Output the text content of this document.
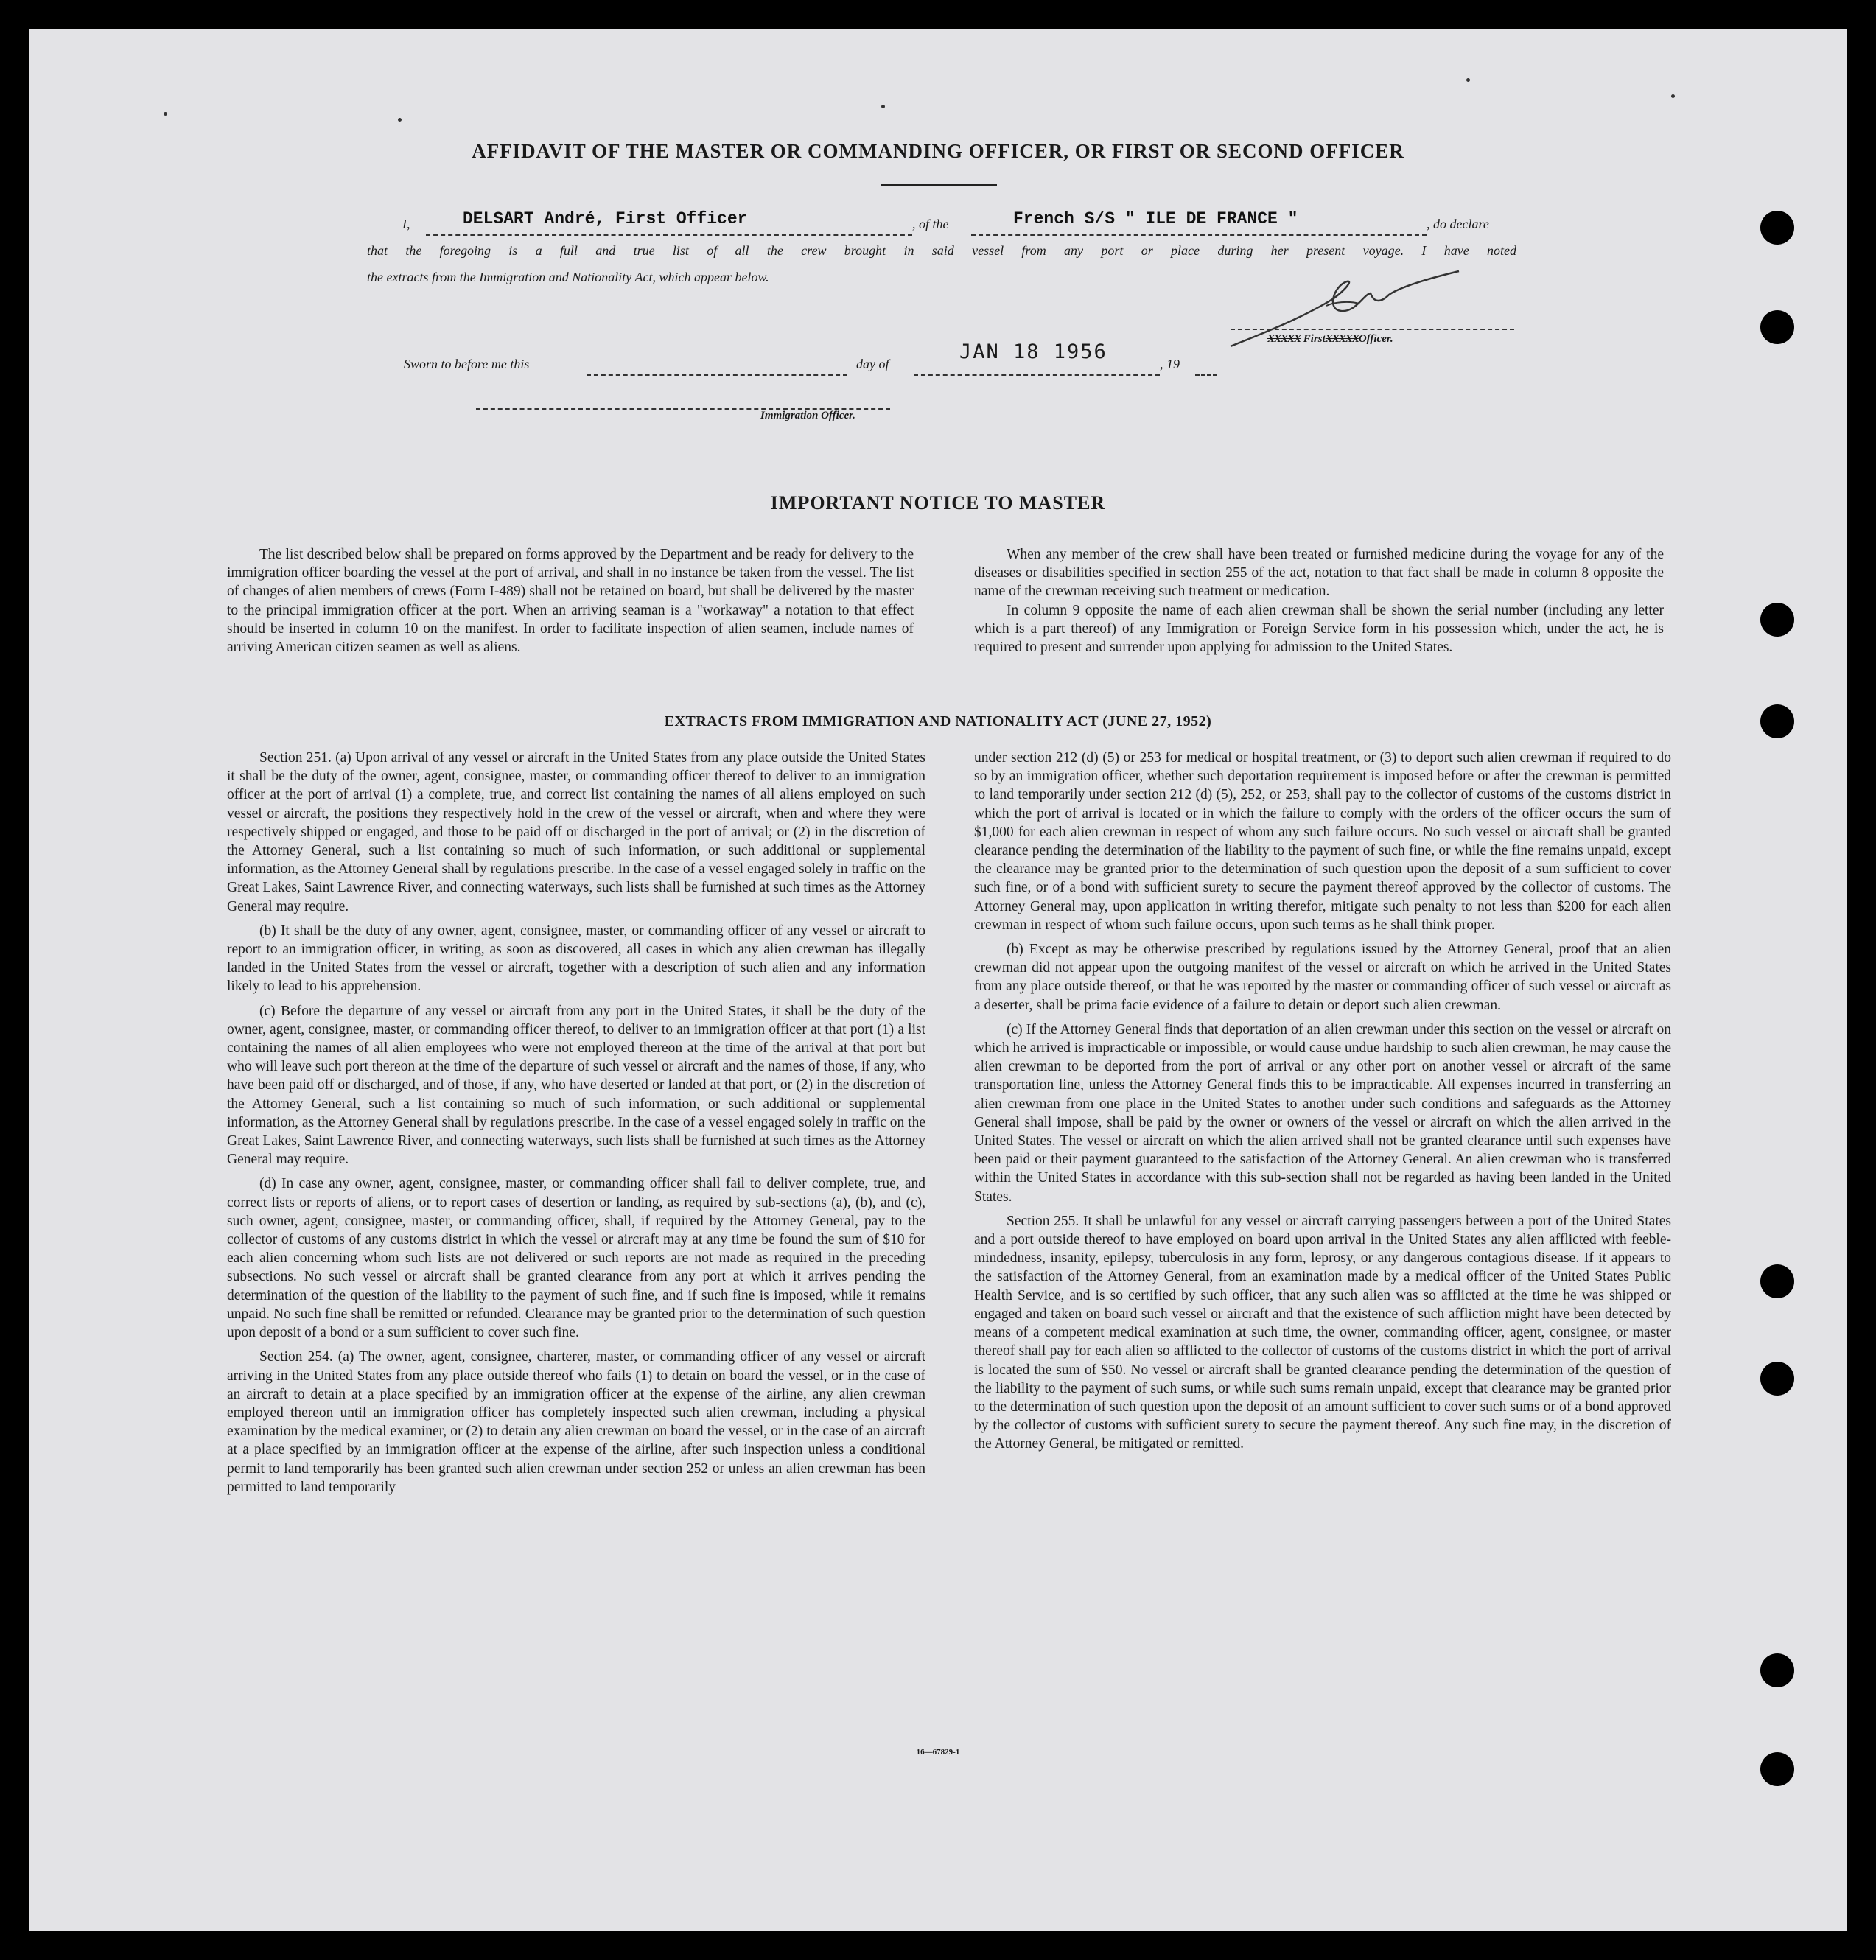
AFFIDAVIT OF THE MASTER OR COMMANDING OFFICER, OR FIRST OR SECOND OFFICER
I,	DELSART André, First Officer	, of the	French S/S " ILE DE FRANCE "	, do declare
that the foregoing is a full and true list of all the crew brought in said vessel from any port or place during her present voyage. I have noted
the extracts from the Immigration and Nationality Act, which appear below.
XXXXX FirstXXXXXOfficer.
Sworn to before me this	day of
JAN 18 1956
, 19
Immigration Officer.
IMPORTANT NOTICE TO MASTER

The list described below shall be prepared on forms approved by the Department and be ready for delivery to the immigration officer boarding the vessel at the port of arrival, and shall in no instance be taken from the vessel. The list of changes of alien members of crews (Form I-489) shall not be retained on board, but shall be delivered by the master to the principal immigration officer at the port. When an arriving seaman is a "workaway" a notation to that effect should be inserted in column 10 on the manifest. In order to facilitate inspection of alien seamen, include names of arriving American citizen seamen as well as aliens.

When any member of the crew shall have been treated or furnished medicine during the voyage for any of the diseases or disabilities specified in section 255 of the act, notation to that fact shall be made in column 8 opposite the name of the crewman receiving such treatment or medication.

In column 9 opposite the name of each alien crewman shall be shown the serial number (including any letter which is a part thereof) of any Immigration or Foreign Service form in his possession which, under the act, he is required to present and surrender upon applying for admission to the United States.

EXTRACTS FROM IMMIGRATION AND NATIONALITY ACT (JUNE 27, 1952)

Section 251. (a) Upon arrival of any vessel or aircraft in the United States from any place outside the United States it shall be the duty of the owner, agent, consignee, master, or commanding officer thereof to deliver to an immigration officer at the port of arrival (1) a complete, true, and correct list containing the names of all aliens employed on such vessel or aircraft, the positions they respectively hold in the crew of the vessel or aircraft, when and where they were respectively shipped or engaged, and those to be paid off or discharged in the port of arrival; or (2) in the discretion of the Attorney General, such a list containing so much of such information, or such additional or supplemental information, as the Attorney General shall by regulations prescribe. In the case of a vessel engaged solely in traffic on the Great Lakes, Saint Lawrence River, and connecting waterways, such lists shall be furnished at such times as the Attorney General may require.

(b) It shall be the duty of any owner, agent, consignee, master, or commanding officer of any vessel or aircraft to report to an immigration officer, in writing, as soon as discovered, all cases in which any alien crewman has illegally landed in the United States from the vessel or aircraft, together with a description of such alien and any information likely to lead to his apprehension.

(c) Before the departure of any vessel or aircraft from any port in the United States, it shall be the duty of the owner, agent, consignee, master, or commanding officer thereof, to deliver to an immigration officer at that port (1) a list containing the names of all alien employees who were not employed thereon at the time of the arrival at that port but who will leave such port thereon at the time of the departure of such vessel or aircraft and the names of those, if any, who have been paid off or discharged, and of those, if any, who have deserted or landed at that port, or (2) in the discretion of the Attorney General, such a list containing so much of such information, or such additional or supplemental information, as the Attorney General shall by regulations prescribe. In the case of a vessel engaged solely in traffic on the Great Lakes, Saint Lawrence River, and connecting waterways, such lists shall be furnished at such times as the Attorney General may require.

(d) In case any owner, agent, consignee, master, or commanding officer shall fail to deliver complete, true, and correct lists or reports of aliens, or to report cases of desertion or landing, as required by sub-sections (a), (b), and (c), such owner, agent, consignee, master, or commanding officer, shall, if required by the Attorney General, pay to the collector of customs of any customs district in which the vessel or aircraft may at any time be found the sum of $10 for each alien concerning whom such lists are not delivered or such reports are not made as required in the preceding subsections. No such vessel or aircraft shall be granted clearance from any port at which it arrives pending the determination of the question of the liability to the payment of such fine, and if such fine is imposed, while it remains unpaid. No such fine shall be remitted or refunded. Clearance may be granted prior to the determination of such question upon deposit of a bond or a sum sufficient to cover such fine.

Section 254. (a) The owner, agent, consignee, charterer, master, or commanding officer of any vessel or aircraft arriving in the United States from any place outside thereof who fails (1) to detain on board the vessel, or in the case of an aircraft to detain at a place specified by an immigration officer at the expense of the airline, any alien crewman employed thereon until an immigration officer has completely inspected such alien crewman, including a physical examination by the medical examiner, or (2) to detain any alien crewman on board the vessel, or in the case of an aircraft at a place specified by an immigration officer at the expense of the airline, after such inspection unless a conditional permit to land temporarily has been granted such alien crewman under section 252 or unless an alien crewman has been permitted to land temporarily

under section 212 (d) (5) or 253 for medical or hospital treatment, or (3) to deport such alien crewman if required to do so by an immigration officer, whether such deportation requirement is imposed before or after the crewman is permitted to land temporarily under section 212 (d) (5), 252, or 253, shall pay to the collector of customs of the customs district in which the port of arrival is located or in which the failure to comply with the orders of the officer occurs the sum of $1,000 for each alien crewman in respect of whom any such failure occurs. No such vessel or aircraft shall be granted clearance pending the determination of the liability to the payment of such fine, or while the fine remains unpaid, except the clearance may be granted prior to the determination of such question upon the deposit of a sum sufficient to cover such fine, or of a bond with sufficient surety to secure the payment thereof approved by the collector of customs. The Attorney General may, upon application in writing therefor, mitigate such penalty to not less than $200 for each alien crewman in respect of whom such failure occurs, upon such terms as he shall think proper.

(b) Except as may be otherwise prescribed by regulations issued by the Attorney General, proof that an alien crewman did not appear upon the outgoing manifest of the vessel or aircraft on which he arrived in the United States from any place outside thereof, or that he was reported by the master or commanding officer of such vessel or aircraft as a deserter, shall be prima facie evidence of a failure to detain or deport such alien crewman.

(c) If the Attorney General finds that deportation of an alien crewman under this section on the vessel or aircraft on which he arrived is impracticable or impossible, or would cause undue hardship to such alien crewman, he may cause the alien crewman to be deported from the port of arrival or any other port on another vessel or aircraft of the same transportation line, unless the Attorney General finds this to be impracticable. All expenses incurred in transferring an alien crewman from one place in the United States to another under such conditions and safeguards as the Attorney General shall impose, shall be paid by the owner or owners of the vessel or aircraft on which the alien arrived in the United States. The vessel or aircraft on which the alien arrived shall not be granted clearance until such expenses have been paid or their payment guaranteed to the satisfaction of the Attorney General. An alien crewman who is transferred within the United States in accordance with this sub-section shall not be regarded as having been landed in the United States.

Section 255. It shall be unlawful for any vessel or aircraft carrying passengers between a port of the United States and a port outside thereof to have employed on board upon arrival in the United States any alien afflicted with feeble-mindedness, insanity, epilepsy, tuberculosis in any form, leprosy, or any dangerous contagious disease. If it appears to the satisfaction of the Attorney General, from an examination made by a medical officer of the United States Public Health Service, and is so certified by such officer, that any such alien was so afflicted at the time he was shipped or engaged and taken on board such vessel or aircraft and that the existence of such affliction might have been detected by means of a competent medical examination at such time, the owner, commanding officer, agent, consignee, or master thereof shall pay for each alien so afflicted to the collector of customs of the customs district in which the port of arrival is located the sum of $50. No vessel or aircraft shall be granted clearance pending the determination of the question of the liability to the payment of such sums, or while such sums remain unpaid, except that clearance may be granted prior to the determination of such question upon the deposit of an amount sufficient to cover such sums or of a bond approved by the collector of customs with sufficient surety to secure the payment thereof. Any such fine may, in the discretion of the Attorney General, be mitigated or remitted.

16—67829-1
